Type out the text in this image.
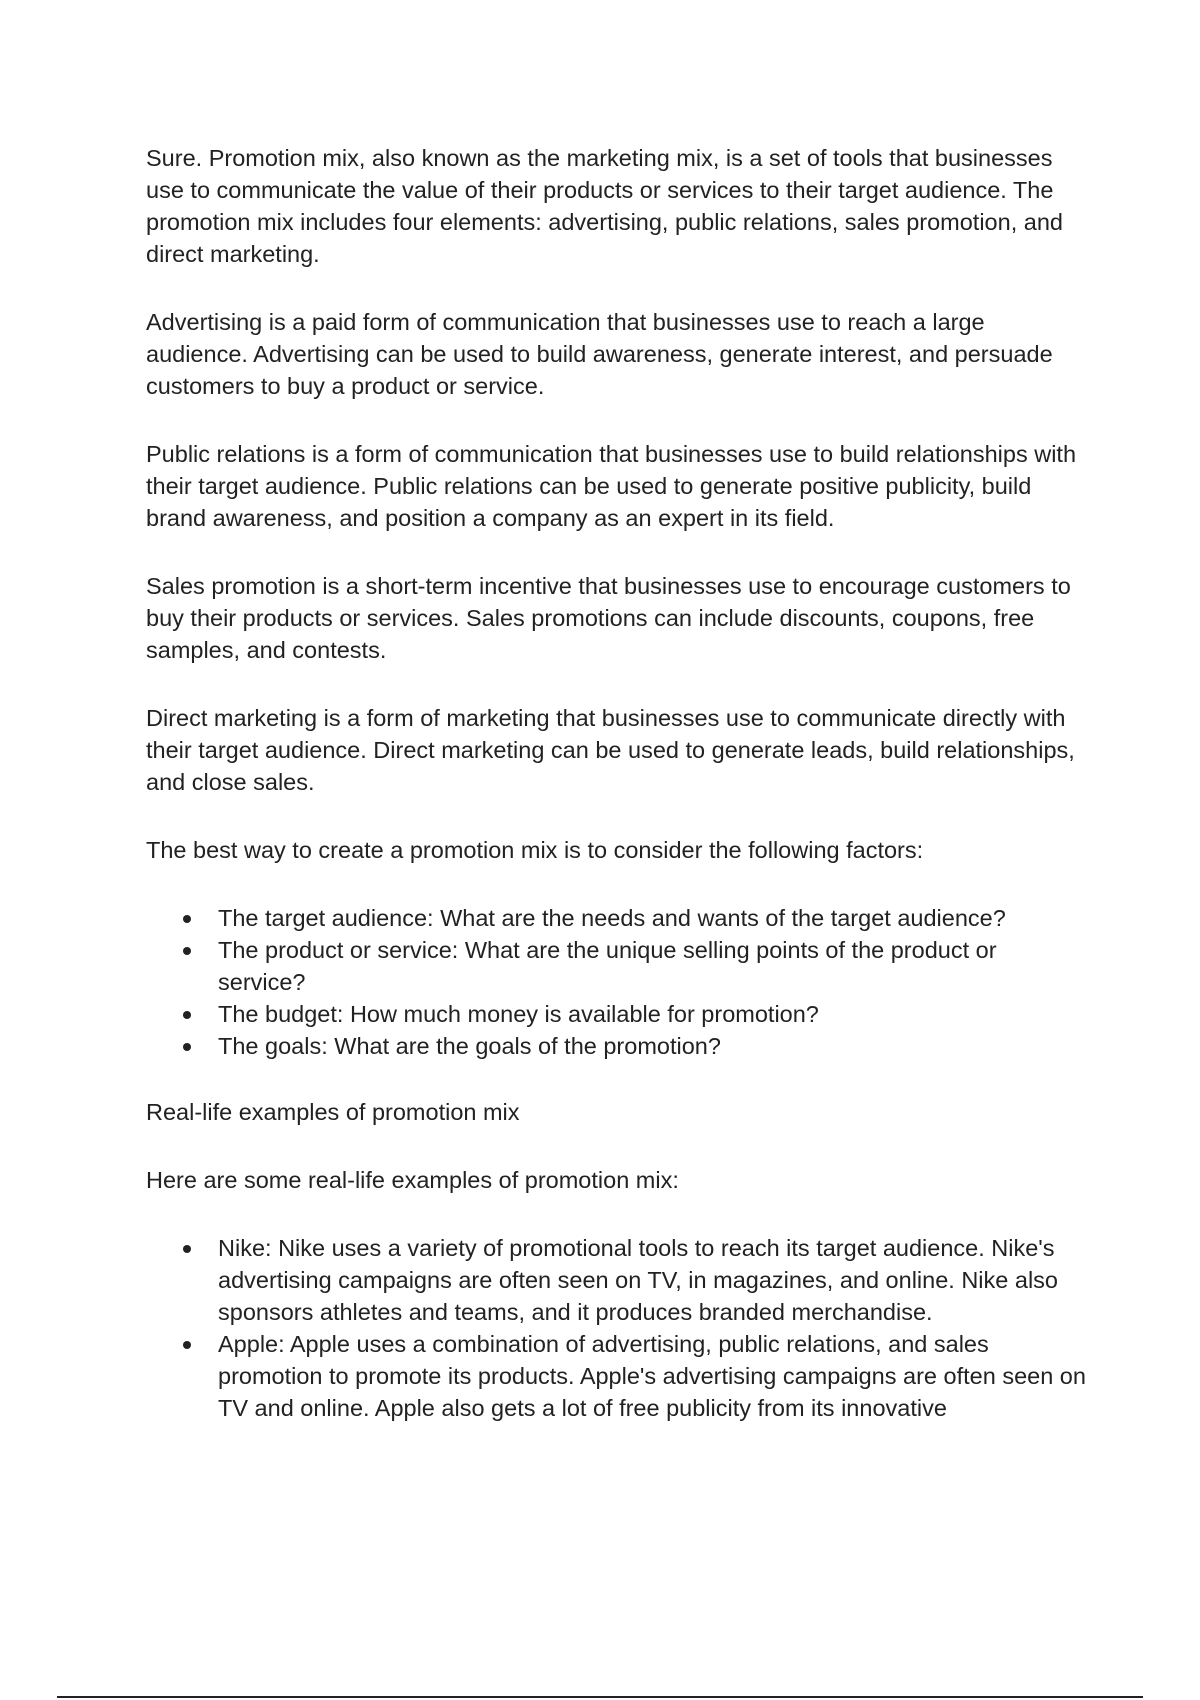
Sure. Promotion mix, also known as the marketing mix, is a set of tools that businesses use to communicate the value of their products or services to their target audience. The promotion mix includes four elements: advertising, public relations, sales promotion, and direct marketing.

Advertising is a paid form of communication that businesses use to reach a large audience. Advertising can be used to build awareness, generate interest, and persuade customers to buy a product or service.

Public relations is a form of communication that businesses use to build relationships with their target audience. Public relations can be used to generate positive publicity, build brand awareness, and position a company as an expert in its field.

Sales promotion is a short-term incentive that businesses use to encourage customers to buy their products or services. Sales promotions can include discounts, coupons, free samples, and contests.

Direct marketing is a form of marketing that businesses use to communicate directly with their target audience. Direct marketing can be used to generate leads, build relationships, and close sales.

The best way to create a promotion mix is to consider the following factors:

The target audience: What are the needs and wants of the target audience?
The product or service: What are the unique selling points of the product or service?
The budget: How much money is available for promotion?
The goals: What are the goals of the promotion?

Real-life examples of promotion mix

Here are some real-life examples of promotion mix:

Nike: Nike uses a variety of promotional tools to reach its target audience. Nike's advertising campaigns are often seen on TV, in magazines, and online. Nike also sponsors athletes and teams, and it produces branded merchandise.
Apple: Apple uses a combination of advertising, public relations, and sales promotion to promote its products. Apple's advertising campaigns are often seen on TV and online. Apple also gets a lot of free publicity from its innovative
